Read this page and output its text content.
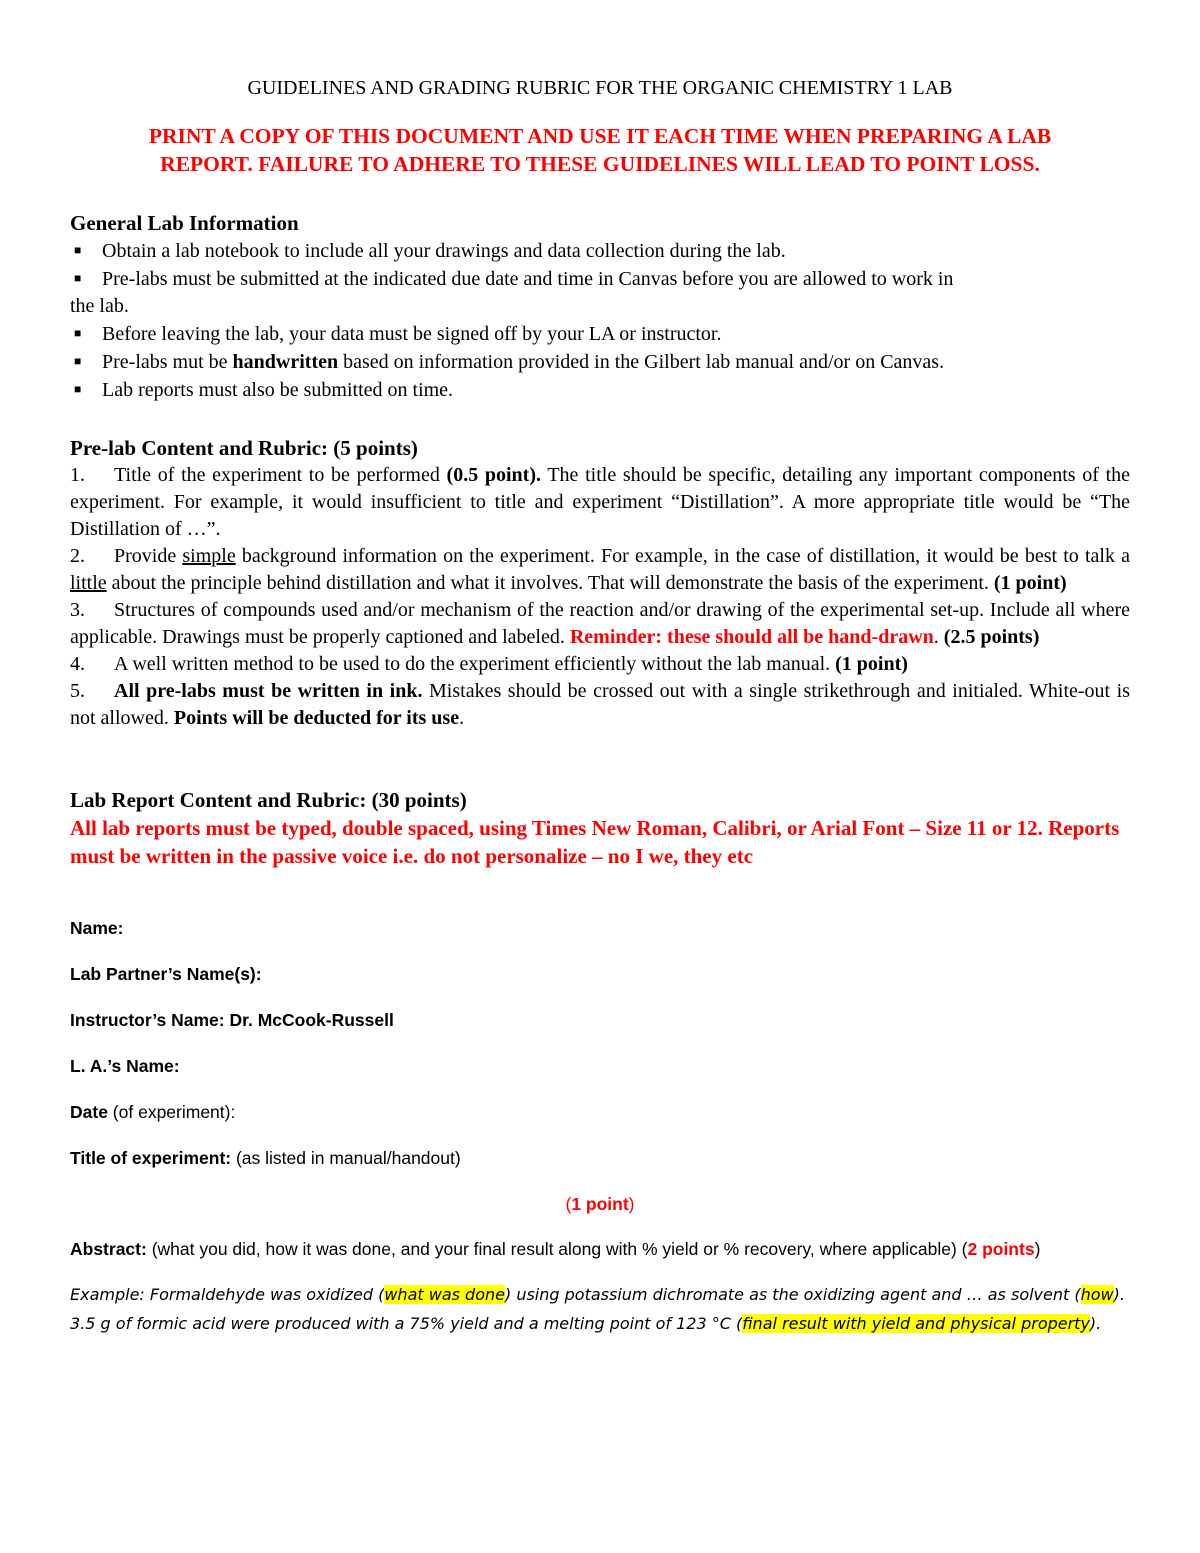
GUIDELINES AND GRADING RUBRIC FOR THE ORGANIC CHEMISTRY 1 LAB
PRINT A COPY OF THIS DOCUMENT AND USE IT EACH TIME WHEN PREPARING A LAB
REPORT. FAILURE TO ADHERE TO THESE GUIDELINES WILL LEAD TO POINT LOSS.
General Lab Information
■ Obtain a lab notebook to include all your drawings and data collection during the lab.
■ Pre-labs must be submitted at the indicated due date and time in Canvas before you are allowed to work in
the lab.
■ Before leaving the lab, your data must be signed off by your LA or instructor.
■ Pre-labs mut be handwritten based on information provided in the Gilbert lab manual and/or on Canvas.
■ Lab reports must also be submitted on time.
Pre-lab Content and Rubric: (5 points)
1. Title of the experiment to be performed (0.5 point). The title should be specific, detailing any important components of the experiment. For example, it would insufficient to title and experiment “Distillation”. A more appropriate title would be “The Distillation of …”.
2. Provide simple background information on the experiment. For example, in the case of distillation, it would be best to talk a little about the principle behind distillation and what it involves. That will demonstrate the basis of the experiment. (1 point)
3. Structures of compounds used and/or mechanism of the reaction and/or drawing of the experimental set-up. Include all where applicable. Drawings must be properly captioned and labeled. Reminder: these should all be hand-drawn. (2.5 points)
4. A well written method to be used to do the experiment efficiently without the lab manual. (1 point)
5. All pre-labs must be written in ink. Mistakes should be crossed out with a single strikethrough and initialed. White-out is not allowed. Points will be deducted for its use.
Lab Report Content and Rubric: (30 points)
All lab reports must be typed, double spaced, using Times New Roman, Calibri, or Arial Font – Size 11 or 12. Reports must be written in the passive voice i.e. do not personalize – no I we, they etc
Name:
Lab Partner’s Name(s):
Instructor’s Name: Dr. McCook-Russell
L. A.’s Name:
Date (of experiment):
Title of experiment: (as listed in manual/handout)
(1 point)
Abstract: (what you did, how it was done, and your final result along with % yield or % recovery, where applicable) (2 points)
Example: Formaldehyde was oxidized (what was done) using potassium dichromate as the oxidizing agent and … as solvent (how). 3.5 g of formic acid were produced with a 75% yield and a melting point of 123 °C (final result with yield and physical property).
